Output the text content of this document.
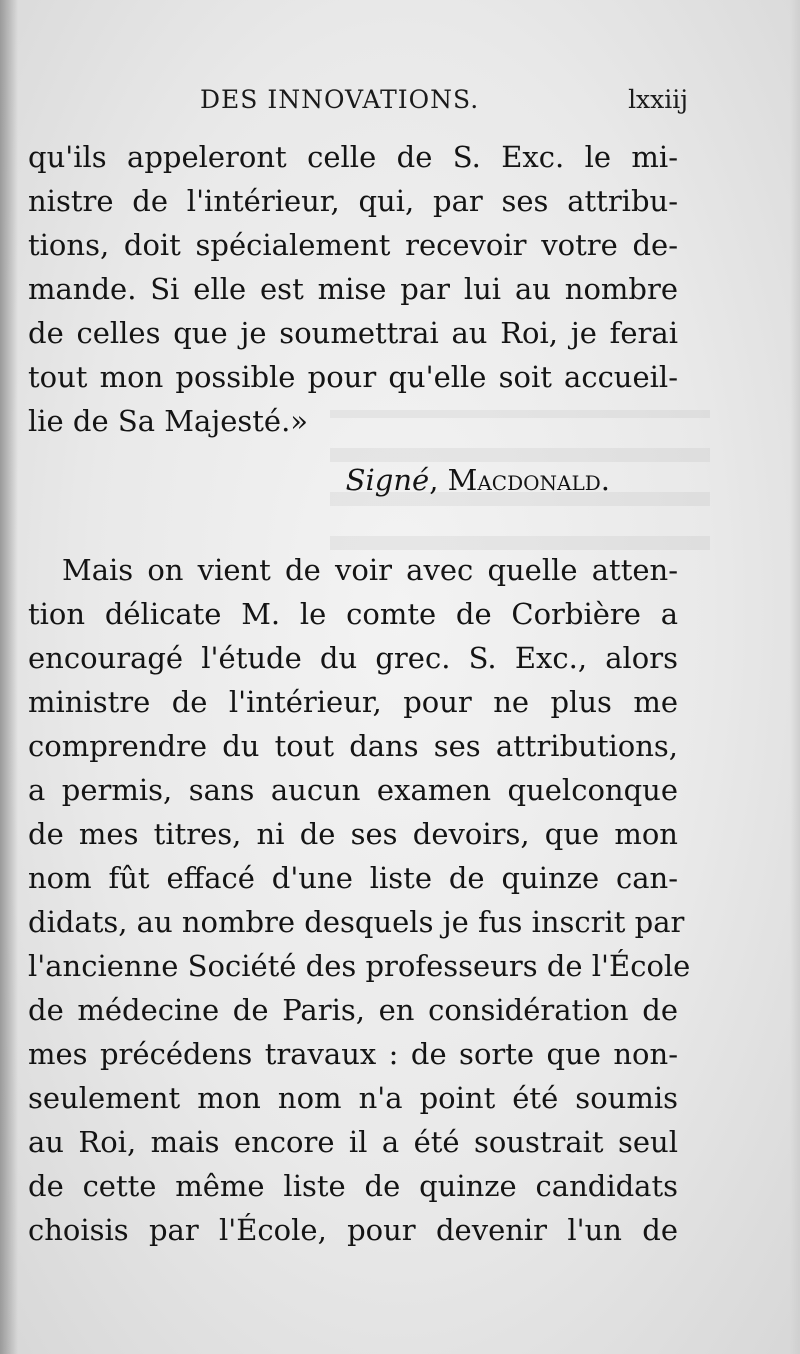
DES INNOVATIONS.	lxxiij
qu'ils appeleront celle de S. Exc. le mi-
nistre de l'intérieur, qui, par ses attribu-
tions, doit spécialement recevoir votre de-
mande. Si elle est mise par lui au nombre
de celles que je soumettrai au Roi, je ferai
tout mon possible pour qu'elle soit accueil-
lie de Sa Majesté.»
Signé, Macdonald.
Mais on vient de voir avec quelle atten-
tion délicate M. le comte de Corbière a
encouragé l'étude du grec. S. Exc., alors
ministre de l'intérieur, pour ne plus me
comprendre du tout dans ses attributions,
a permis, sans aucun examen quelconque
de mes titres, ni de ses devoirs, que mon
nom fût effacé d'une liste de quinze can-
didats, au nombre desquels je fus inscrit par
l'ancienne Société des professeurs de l'École
de médecine de Paris, en considération de
mes précédens travaux : de sorte que non-
seulement mon nom n'a point été soumis
au Roi, mais encore il a été soustrait seul
de cette même liste de quinze candidats
choisis par l'École, pour devenir l'un de
